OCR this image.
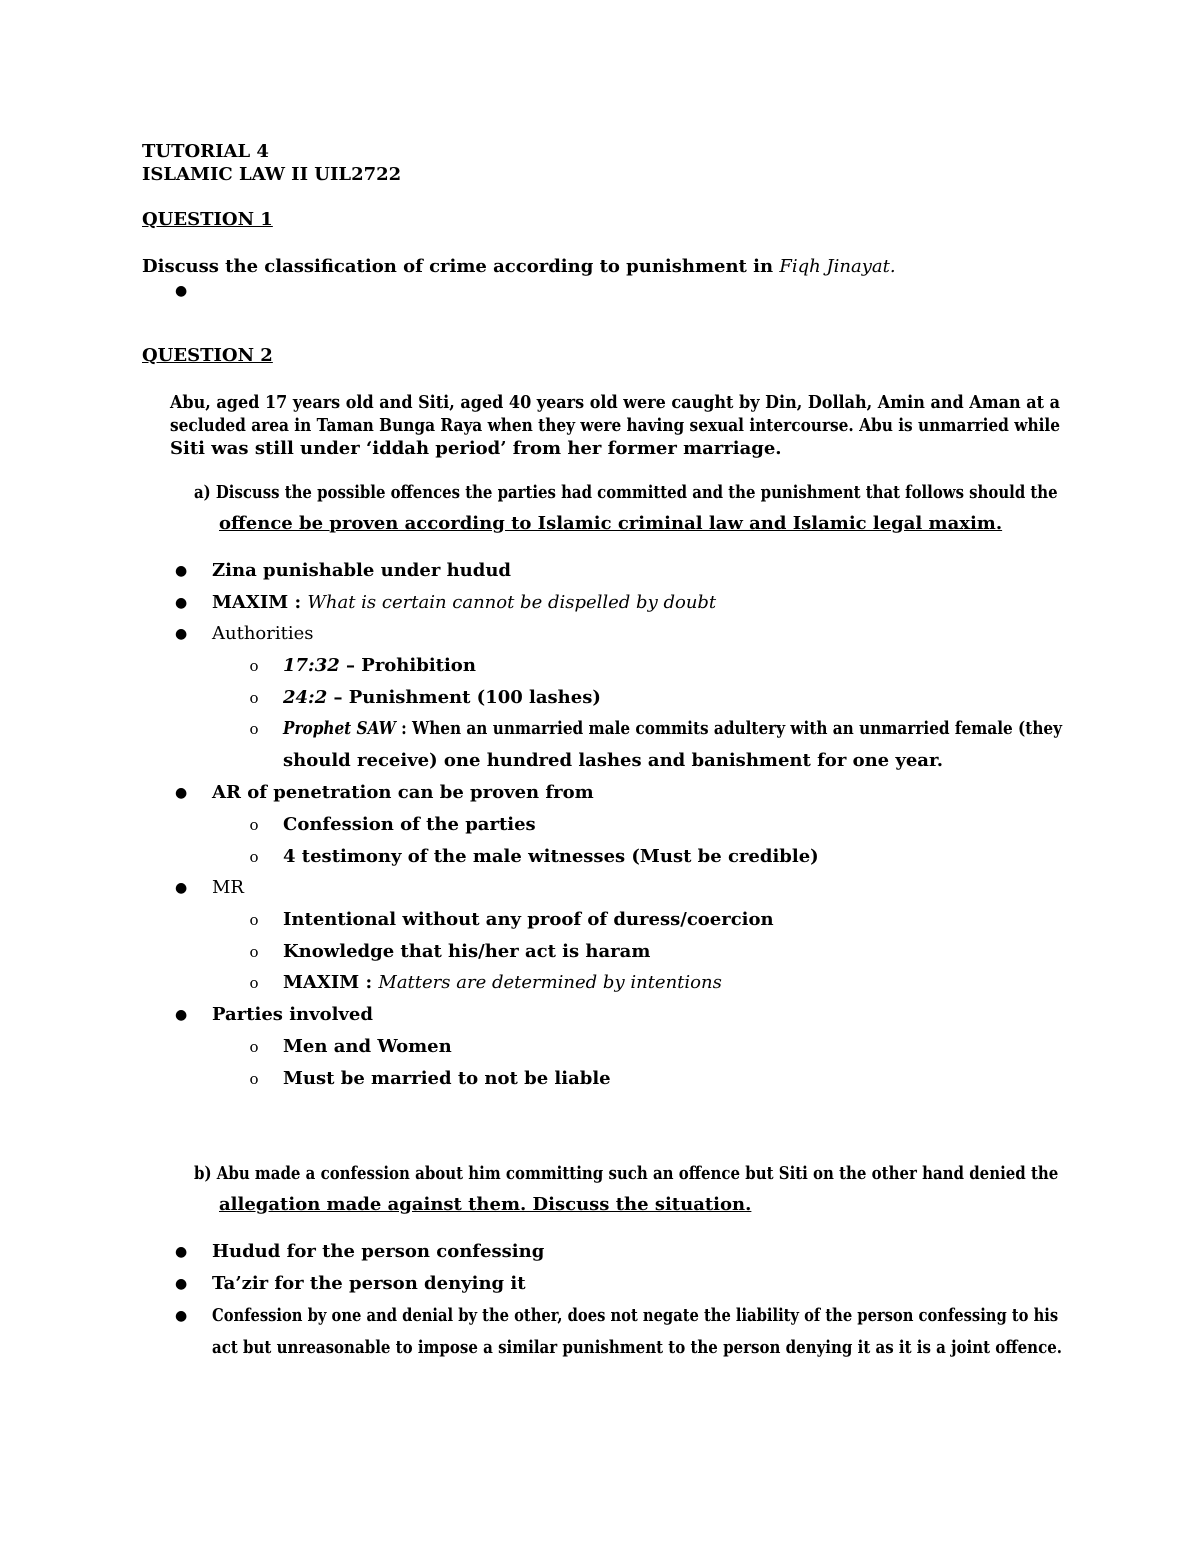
TUTORIAL 4
ISLAMIC LAW II UIL2722
QUESTION 1
Discuss the classification of crime according to punishment in Fiqh Jinayat.
●
QUESTION 2
Abu, aged 17 years old and Siti, aged 40 years old were caught by Din, Dollah, Amin and Aman at a
secluded area in Taman Bunga Raya when they were having sexual intercourse. Abu is unmarried while
Siti was still under ‘iddah period’ from her former marriage.
a) Discuss the possible offences the parties had committed and the punishment that follows should the
offence be proven according to Islamic criminal law and Islamic legal maxim.
● Zina punishable under hudud
● MAXIM : What is certain cannot be dispelled by doubt
● Authorities
o 17:32 – Prohibition
o 24:2 – Punishment (100 lashes)
o Prophet SAW : When an unmarried male commits adultery with an unmarried female (they
should receive) one hundred lashes and banishment for one year.
● AR of penetration can be proven from
o Confession of the parties
o 4 testimony of the male witnesses (Must be credible)
● MR
o Intentional without any proof of duress/coercion
o Knowledge that his/her act is haram
o MAXIM : Matters are determined by intentions
● Parties involved
o Men and Women
o Must be married to not be liable
b) Abu made a confession about him committing such an offence but Siti on the other hand denied the
allegation made against them. Discuss the situation.
● Hudud for the person confessing
● Ta’zir for the person denying it
● Confession by one and denial by the other, does not negate the liability of the person confessing to his
act but unreasonable to impose a similar punishment to the person denying it as it is a joint offence.
